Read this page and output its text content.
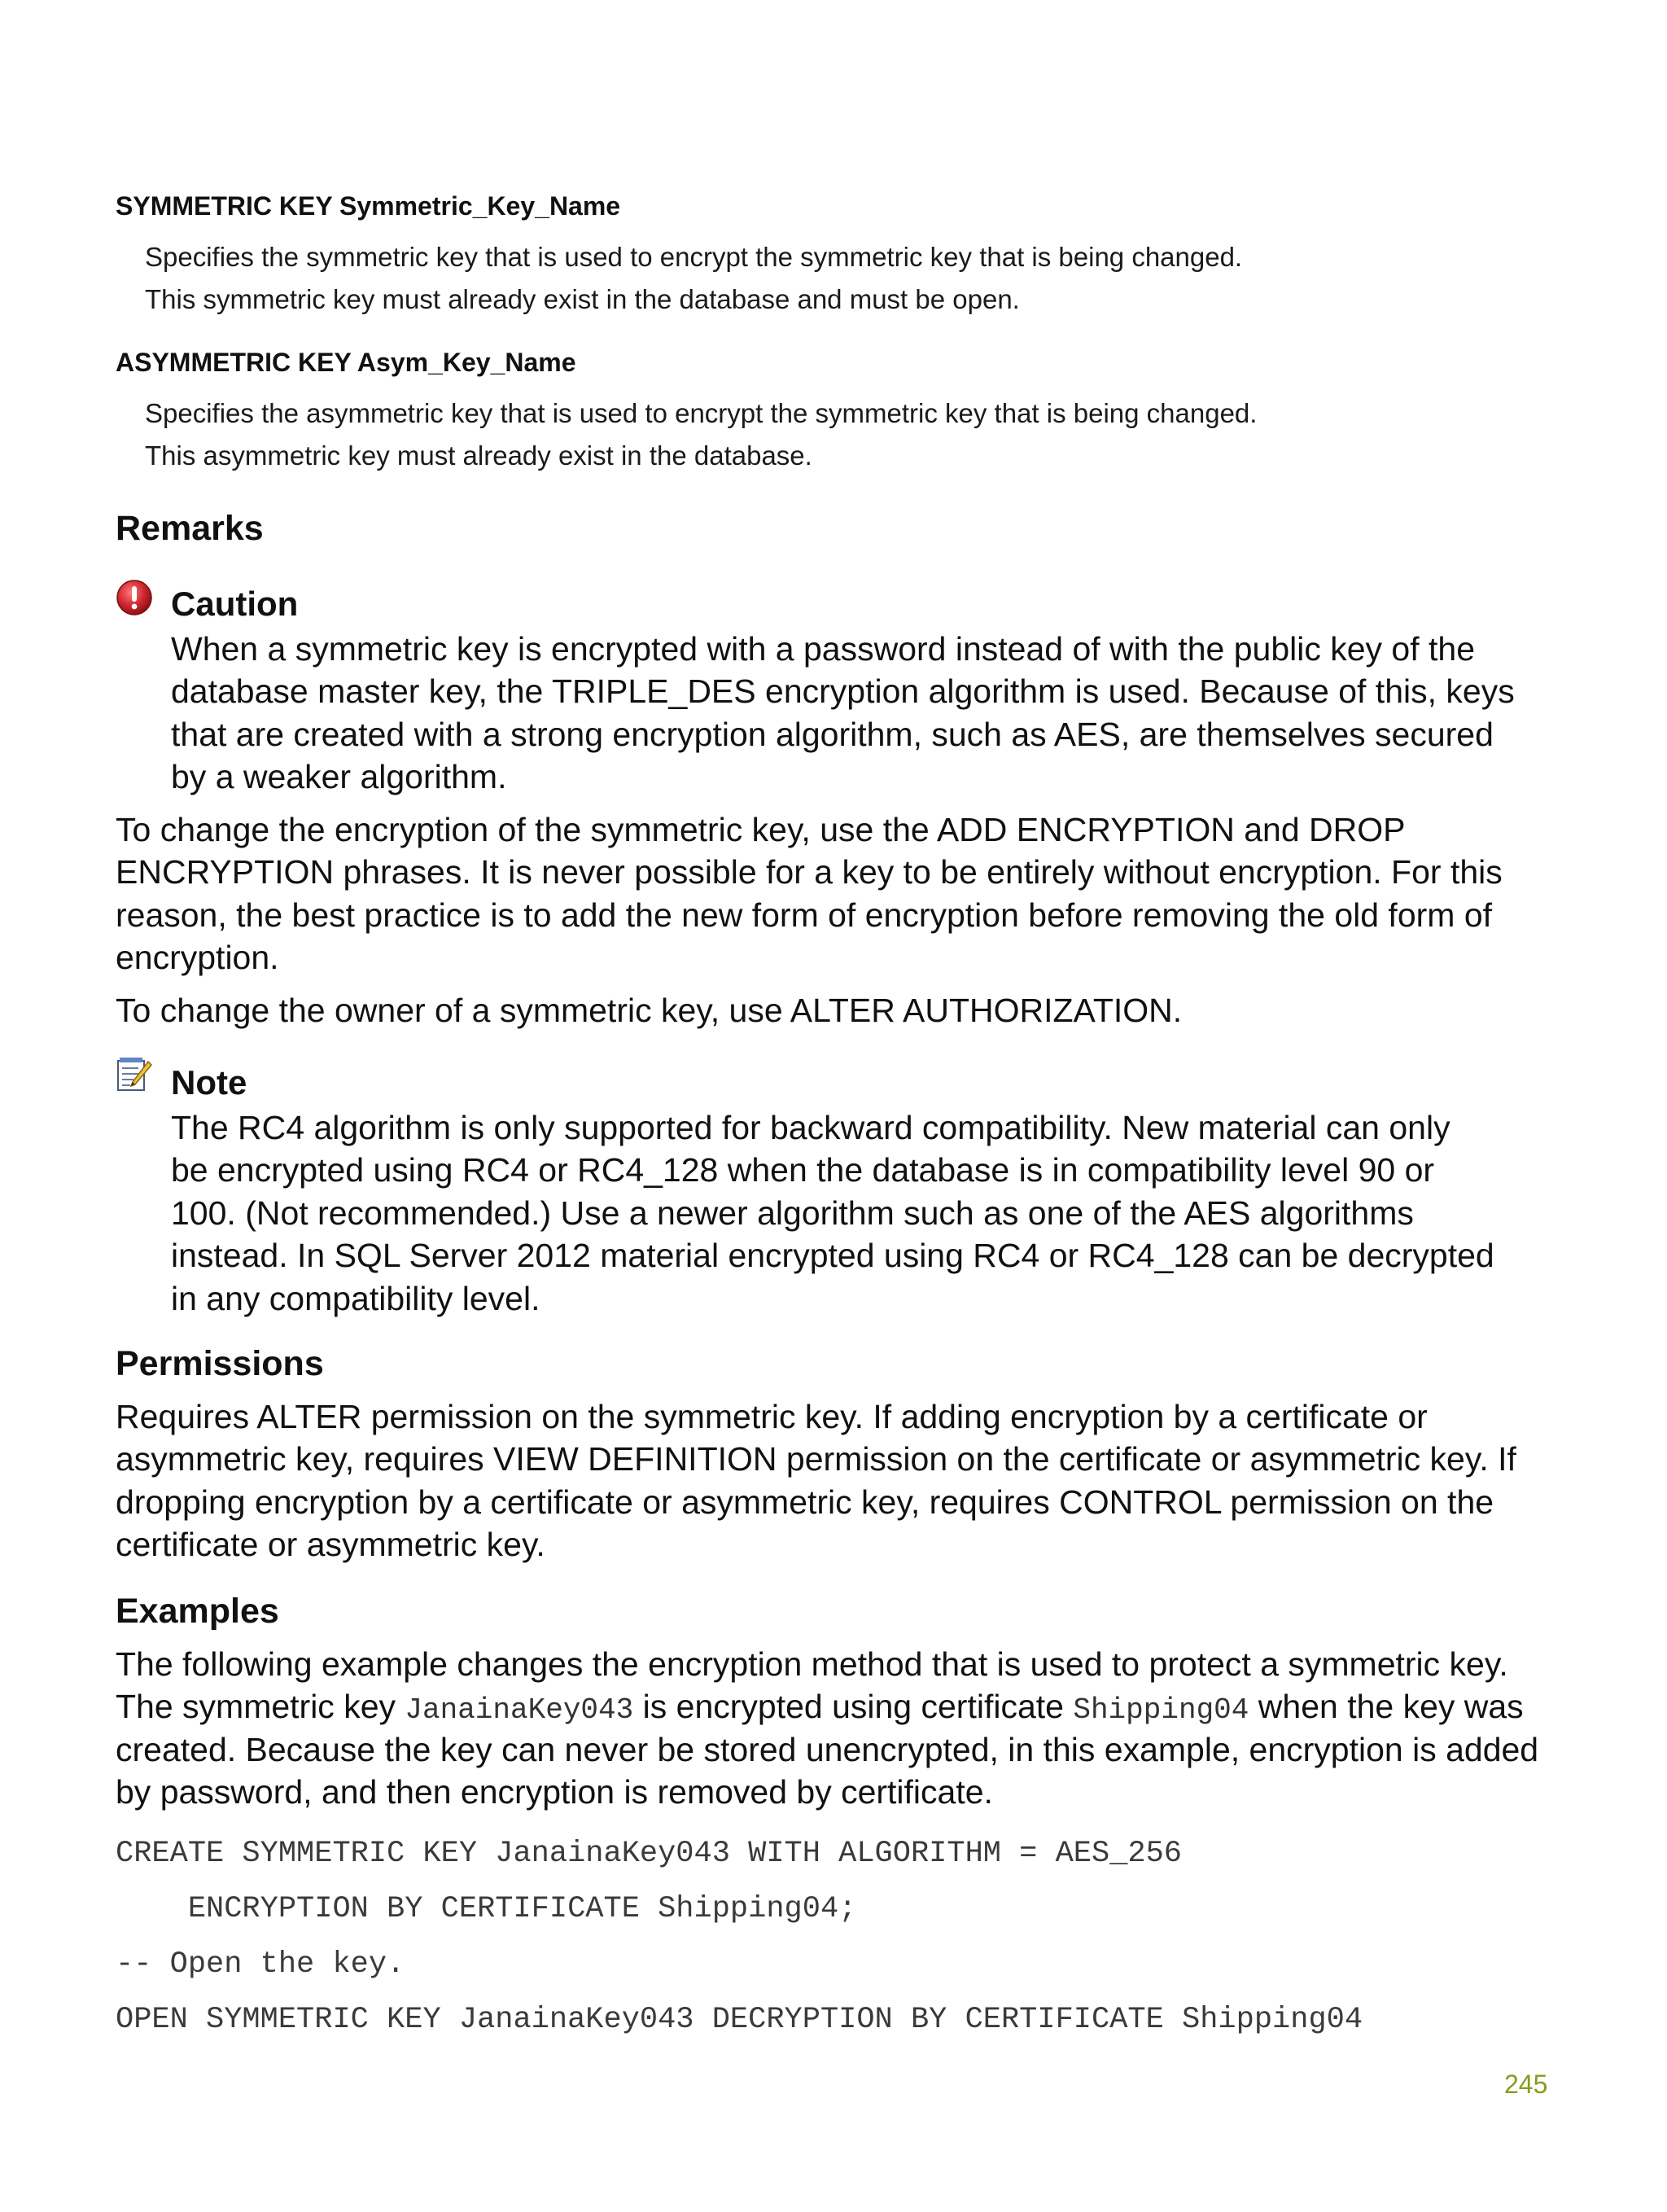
SYMMETRIC KEY Symmetric_Key_Name
Specifies the symmetric key that is used to encrypt the symmetric key that is being changed.
This symmetric key must already exist in the database and must be open.
ASYMMETRIC KEY Asym_Key_Name
Specifies the asymmetric key that is used to encrypt the symmetric key that is being changed.
This asymmetric key must already exist in the database.
Remarks
Caution
When a symmetric key is encrypted with a password instead of with the public key of the
database master key, the TRIPLE_DES encryption algorithm is used. Because of this, keys
that are created with a strong encryption algorithm, such as AES, are themselves secured
by a weaker algorithm.
To change the encryption of the symmetric key, use the ADD ENCRYPTION and DROP
ENCRYPTION phrases. It is never possible for a key to be entirely without encryption. For this
reason, the best practice is to add the new form of encryption before removing the old form of
encryption.
To change the owner of a symmetric key, use ALTER AUTHORIZATION.
Note
The RC4 algorithm is only supported for backward compatibility. New material can only
be encrypted using RC4 or RC4_128 when the database is in compatibility level 90 or
100. (Not recommended.) Use a newer algorithm such as one of the AES algorithms
instead. In SQL Server 2012 material encrypted using RC4 or RC4_128 can be decrypted
in any compatibility level.
Permissions
Requires ALTER permission on the symmetric key. If adding encryption by a certificate or
asymmetric key, requires VIEW DEFINITION permission on the certificate or asymmetric key. If
dropping encryption by a certificate or asymmetric key, requires CONTROL permission on the
certificate or asymmetric key.
Examples
The following example changes the encryption method that is used to protect a symmetric key.
The symmetric key JanainaKey043 is encrypted using certificate Shipping04 when the key was
created. Because the key can never be stored unencrypted, in this example, encryption is added
by password, and then encryption is removed by certificate.
CREATE SYMMETRIC KEY JanainaKey043 WITH ALGORITHM = AES_256
ENCRYPTION BY CERTIFICATE Shipping04;
-- Open the key.
OPEN SYMMETRIC KEY JanainaKey043 DECRYPTION BY CERTIFICATE Shipping04
245
